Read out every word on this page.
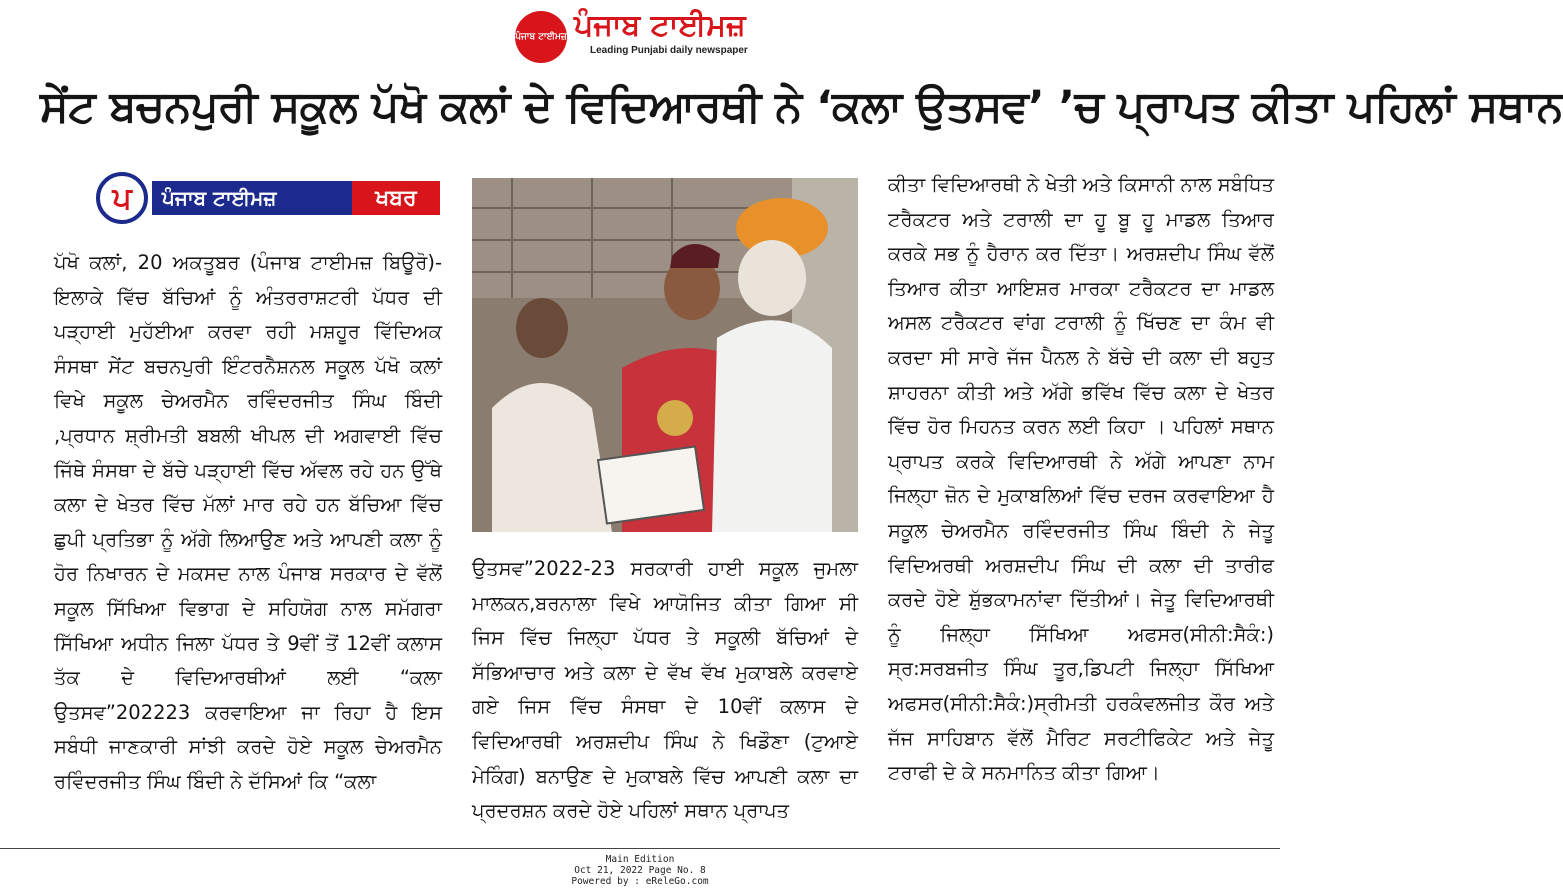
ਪੰਜਾਬ ਟਾਈਮਜ਼ ਪੰਜਾਬ ਟਾਈਮਜ਼
Leading Punjabi daily newspaper
ਸੇਂਟ ਬਚਨਪੁਰੀ ਸਕੂਲ ਪੱਖੋ ਕਲਾਂ ਦੇ ਵਿਦਿਆਰਥੀ ਨੇ ‘ਕਲਾ ਉਤਸਵ’ ’ਚ ਪ੍ਰਾਪਤ ਕੀਤਾ ਪਹਿਲਾਂ ਸਥਾਨ
ਪ	ਪੰਜਾਬ ਟਾਈਮਜ਼	ਖਬਰ
ਪੱਖੋ ਕਲਾਂ, 20 ਅਕਤੂਬਰ (ਪੰਜਾਬ ਟਾਈਮਜ਼ ਬਿਊਰੋ)- ਇਲਾਕੇ ਵਿੱਚ ਬੱਚਿਆਂ ਨੂੰ ਅੰਤਰਰਾਸ਼ਟਰੀ ਪੱਧਰ ਦੀ ਪੜ੍ਹਾਈ ਮੁਹੱਈਆ ਕਰਵਾ ਰਹੀ ਮਸ਼ਹੂਰ ਵਿੱਦਿਅਕ ਸੰਸਥਾ ਸੇਂਟ ਬਚਨਪੁਰੀ ਇੰਟਰਨੈਸ਼ਨਲ ਸਕੂਲ ਪੱਖੋ ਕਲਾਂ ਵਿਖੇ ਸਕੂਲ ਚੇਅਰਮੈਨ ਰਵਿੰਦਰਜੀਤ ਸਿੰਘ ਬਿੰਦੀ ,ਪ੍ਰਧਾਨ ਸ਼੍ਰੀਮਤੀ ਬਬਲੀ ਖੀਪਲ ਦੀ ਅਗਵਾਈ ਵਿੱਚ ਜਿੱਥੇ ਸੰਸਥਾ ਦੇ ਬੱਚੇ ਪੜ੍ਹਾਈ ਵਿੱਚ ਅੱਵਲ ਰਹੇ ਹਨ ਉੱਥੇ ਕਲਾ ਦੇ ਖੇਤਰ ਵਿੱਚ ਮੱਲਾਂ ਮਾਰ ਰਹੇ ਹਨ ਬੱਚਿਆ ਵਿੱਚ ਛੁਪੀ ਪ੍ਰਤਿਭਾ ਨੂੰ ਅੱਗੇ ਲਿਆਉਣ ਅਤੇ ਆਪਣੀ ਕਲਾ ਨੂੰ ਹੋਰ ਨਿਖਾਰਨ ਦੇ ਮਕਸਦ ਨਾਲ ਪੰਜਾਬ ਸਰਕਾਰ ਦੇ ਵੱਲੋਂ ਸਕੂਲ ਸਿੱਖਿਆ ਵਿਭਾਗ ਦੇ ਸਹਿਯੋਗ ਨਾਲ ਸਮੱਗਰਾ ਸਿੱਖਿਆ ਅਧੀਨ ਜਿਲਾ ਪੱਧਰ ਤੇ 9ਵੀਂ ਤੋਂ 12ਵੀਂ ਕਲਾਸ ਤੱਕ ਦੇ ਵਿਦਿਆਰਥੀਆਂ ਲਈ “ਕਲਾ ਉਤਸਵ”202223 ਕਰਵਾਇਆ ਜਾ ਰਿਹਾ ਹੈ ਇਸ ਸਬੰਧੀ ਜਾਣਕਾਰੀ ਸਾਂਝੀ ਕਰਦੇ ਹੋਏ ਸਕੂਲ ਚੇਅਰਮੈਨ ਰਵਿੰਦਰਜੀਤ ਸਿੰਘ ਬਿੰਦੀ ਨੇ ਦੱਸਿਆਂ ਕਿ “ਕਲਾ
ਉਤਸਵ”2022-23 ਸਰਕਾਰੀ ਹਾਈ ਸਕੂਲ ਜੁਮਲਾ ਮਾਲਕਨ,ਬਰਨਾਲਾ ਵਿਖੇ ਆਯੋਜਿਤ ਕੀਤਾ ਗਿਆ ਸੀ ਜਿਸ ਵਿੱਚ ਜਿਲ੍ਹਾ ਪੱਧਰ ਤੇ ਸਕੂਲੀ ਬੱਚਿਆਂ ਦੇ ਸੱਭਿਆਚਾਰ ਅਤੇ ਕਲਾ ਦੇ ਵੱਖ ਵੱਖ ਮੁਕਾਬਲੇ ਕਰਵਾਏ ਗਏ ਜਿਸ ਵਿੱਚ ਸੰਸਥਾ ਦੇ 10ਵੀਂ ਕਲਾਸ ਦੇ ਵਿਦਿਆਰਥੀ ਅਰਸ਼ਦੀਪ ਸਿੰਘ ਨੇ ਖਿਡੌਣਾ (ਟੁਆਏ ਮੇਕਿੰਗ) ਬਨਾਉਣ ਦੇ ਮੁਕਾਬਲੇ ਵਿੱਚ ਆਪਣੀ ਕਲਾ ਦਾ ਪ੍ਰਦਰਸ਼ਨ ਕਰਦੇ ਹੋਏ ਪਹਿਲਾਂ ਸਥਾਨ ਪ੍ਰਾਪਤ
ਕੀਤਾ ਵਿਦਿਆਰਥੀ ਨੇ ਖੇਤੀ ਅਤੇ ਕਿਸਾਨੀ ਨਾਲ ਸਬੰਧਿਤ ਟਰੈਕਟਰ ਅਤੇ ਟਰਾਲੀ ਦਾ ਹੂ ਬੂ ਹੂ ਮਾਡਲ ਤਿਆਰ ਕਰਕੇ ਸਭ ਨੂੰ ਹੈਰਾਨ ਕਰ ਦਿੱਤਾ। ਅਰਸ਼ਦੀਪ ਸਿੰਘ ਵੱਲੋਂ ਤਿਆਰ ਕੀਤਾ ਆਇਸ਼ਰ ਮਾਰਕਾ ਟਰੈਕਟਰ ਦਾ ਮਾਡਲ ਅਸਲ ਟਰੈਕਟਰ ਵਾਂਗ ਟਰਾਲੀ ਨੂੰ ਖਿੱਚਣ ਦਾ ਕੰਮ ਵੀ ਕਰਦਾ ਸੀ ਸਾਰੇ ਜੱਜ ਪੈਨਲ ਨੇ ਬੱਚੇ ਦੀ ਕਲਾ ਦੀ ਬਹੁਤ ਸ਼ਾਹਰਨਾ ਕੀਤੀ ਅਤੇ ਅੱਗੇ ਭਵਿੱਖ ਵਿੱਚ ਕਲਾ ਦੇ ਖੇਤਰ ਵਿੱਚ ਹੋਰ ਮਿਹਨਤ ਕਰਨ ਲਈ ਕਿਹਾ । ਪਹਿਲਾਂ ਸਥਾਨ ਪ੍ਰਾਪਤ ਕਰਕੇ ਵਿਦਿਆਰਥੀ ਨੇ ਅੱਗੇ ਆਪਣਾ ਨਾਮ ਜਿਲ੍ਹਾ ਜ਼ੋਨ ਦੇ ਮੁਕਾਬਲਿਆਂ ਵਿੱਚ ਦਰਜ ਕਰਵਾਇਆ ਹੈ ਸਕੂਲ ਚੇਅਰਮੈਨ ਰਵਿੰਦਰਜੀਤ ਸਿੰਘ ਬਿੰਦੀ ਨੇ ਜੇਤੂ ਵਿਦਿਅਰਥੀ ਅਰਸ਼ਦੀਪ ਸਿੰਘ ਦੀ ਕਲਾ ਦੀ ਤਾਰੀਫ ਕਰਦੇ ਹੋਏ ਸ਼ੁੱਭਕਾਮਨਾਂਵਾ ਦਿੱਤੀਆਂ। ਜੇਤੂ ਵਿਦਿਆਰਥੀ ਨੂੰ ਜਿਲ੍ਹਾ ਸਿੱਖਿਆ ਅਫਸਰ(ਸੀਨੀ:ਸੈਕੰ:) ਸ੍ਰ:ਸਰਬਜੀਤ ਸਿੰਘ ਤੂਰ,ਡਿਪਟੀ ਜਿਲ੍ਹਾ ਸਿੱਖਿਆ ਅਫਸਰ(ਸੀਨੀ:ਸੈਕੰ:)ਸ੍ਰੀਮਤੀ ਹਰਕੰਵਲਜੀਤ ਕੌਰ ਅਤੇ ਜੱਜ ਸਾਹਿਬਾਨ ਵੱਲੋਂ ਮੈਰਿਟ ਸਰਟੀਫਿਕੇਟ ਅਤੇ ਜੇਤੂ ਟਰਾਫੀ ਦੇ ਕੇ ਸਨਮਾਨਿਤ ਕੀਤਾ ਗਿਆ।
Main Edition
Oct 21, 2022 Page No. 8
Powered by : eReleGo.com
